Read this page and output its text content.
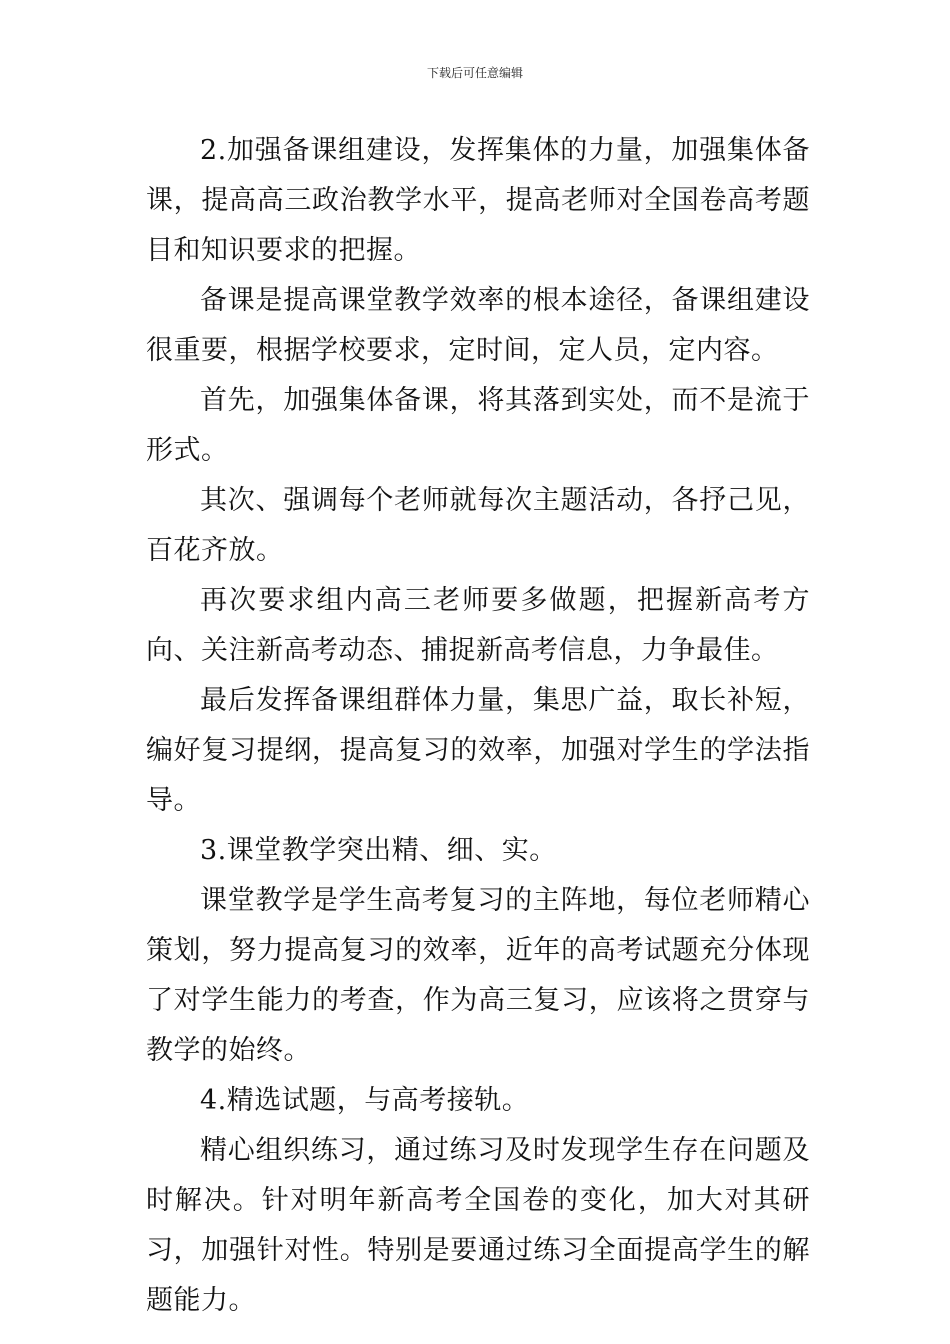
下载后可任意编辑

2.加强备课组建设，发挥集体的力量，加强集体备课，提高高三政治教学水平，提高老师对全国卷高考题目和知识要求的把握。

备课是提高课堂教学效率的根本途径，备课组建设很重要，根据学校要求，定时间，定人员，定内容。

首先，加强集体备课，将其落到实处，而不是流于形式。

其次、强调每个老师就每次主题活动，各抒己见，百花齐放。

再次要求组内高三老师要多做题，把握新高考方向、关注新高考动态、捕捉新高考信息，力争最佳。

最后发挥备课组群体力量，集思广益，取长补短，编好复习提纲，提高复习的效率，加强对学生的学法指导。

3.课堂教学突出精、细、实。

课堂教学是学生高考复习的主阵地，每位老师精心策划，努力提高复习的效率，近年的高考试题充分体现了对学生能力的考查，作为高三复习，应该将之贯穿与教学的始终。

4.精选试题，与高考接轨。

精心组织练习，通过练习及时发现学生存在问题及时解决。针对明年新高考全国卷的变化，加大对其研习，加强针对性。特别是要通过练习全面提高学生的解题能力。
